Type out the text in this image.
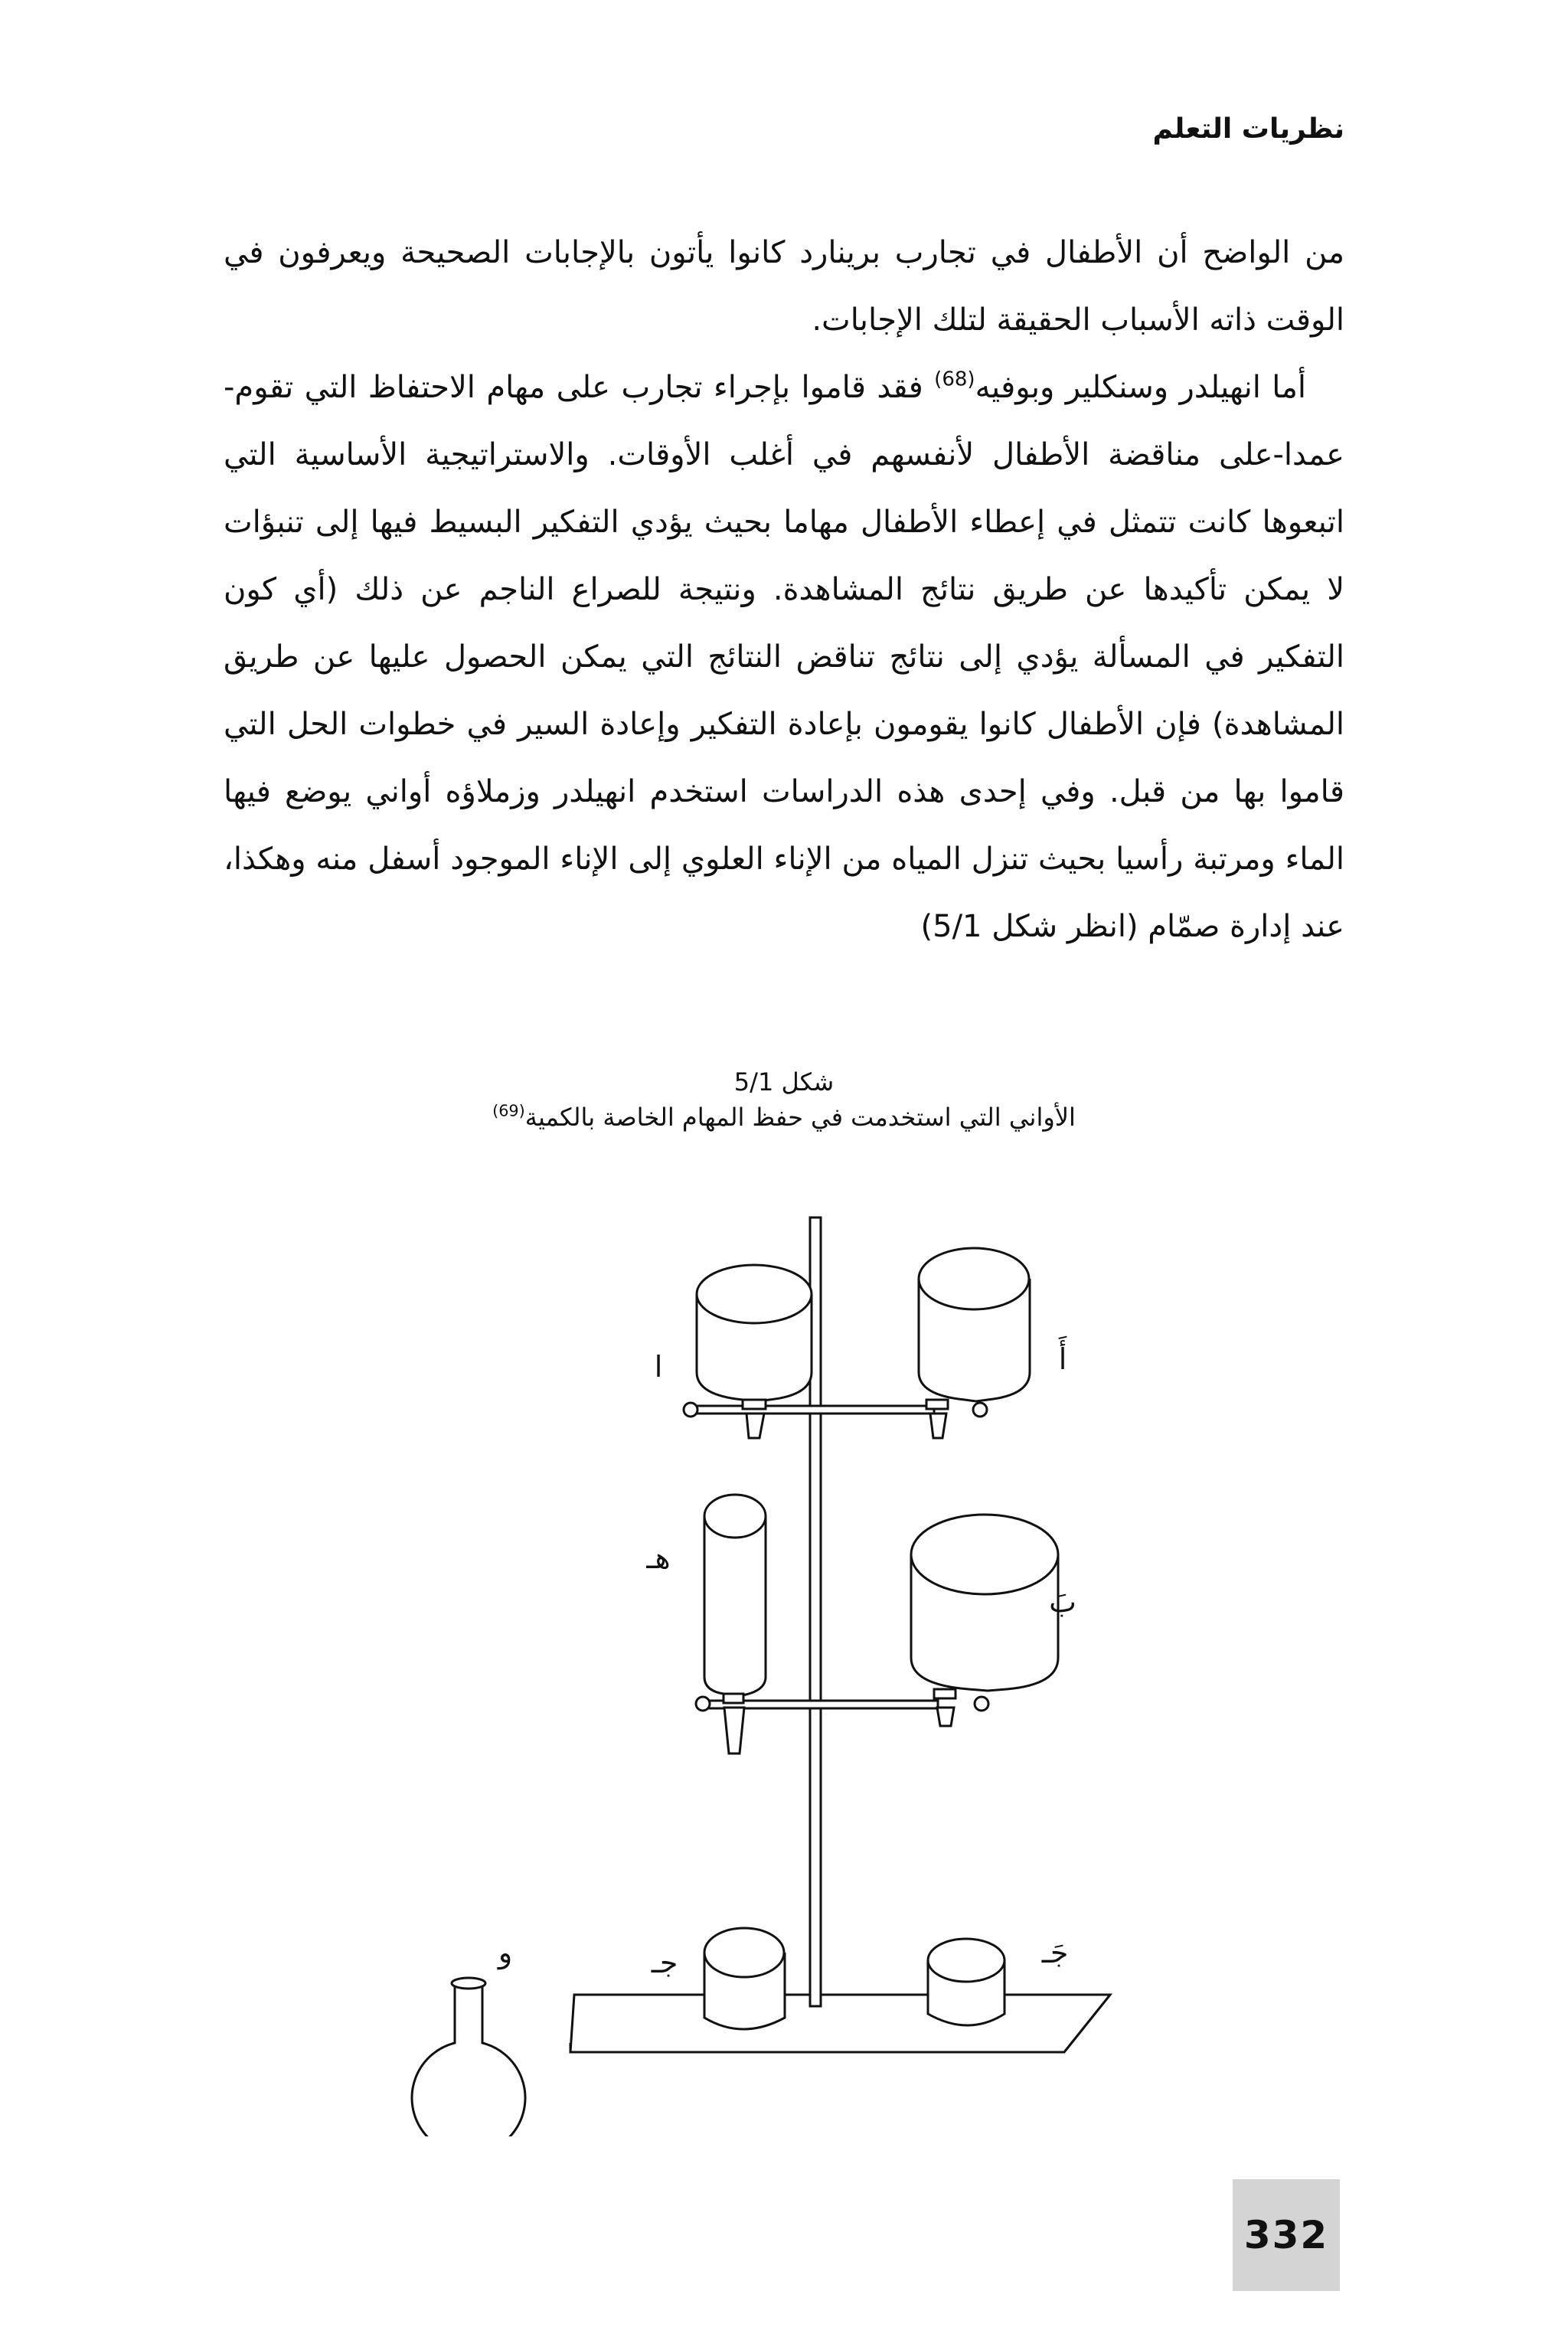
نظريات التعلم

من الواضح أن الأطفال في تجارب برينارد كانوا يأتون بالإجابات الصحيحة ويعرفون في الوقت ذاته الأسباب الحقيقة لتلك الإجابات.

أما انهيلدر وسنكلير وبوفيه$^{(68)}$ فقد قاموا بإجراء تجارب على مهام الاحتفاظ التي تقوم-عمدا-على مناقضة الأطفال لأنفسهم في أغلب الأوقات. والاستراتيجية الأساسية التي اتبعوها كانت تتمثل في إعطاء الأطفال مهاما بحيث يؤدي التفكير البسيط فيها إلى تنبؤات لا يمكن تأكيدها عن طريق نتائج المشاهدة. ونتيجة للصراع الناجم عن ذلك (أي كون التفكير في المسألة يؤدي إلى نتائج تناقض النتائج التي يمكن الحصول عليها عن طريق المشاهدة) فإن الأطفال كانوا يقومون بإعادة التفكير وإعادة السير في خطوات الحل التي قاموا بها من قبل. وفي إحدى هذه الدراسات استخدم انهيلدر وزملاؤه أواني يوضع فيها الماء ومرتبة رأسيا بحيث تنزل المياه من الإناء العلوي إلى الإناء الموجود أسفل منه وهكذا، عند إدارة صمّام (انظر شكل 5/1)

شكل 5/1
الأواني التي استخدمت في حفظ المهام الخاصة بالكمية$^{(69)}$
ا	أَ
هـ
بَ
جـ	جَـ
و
332
